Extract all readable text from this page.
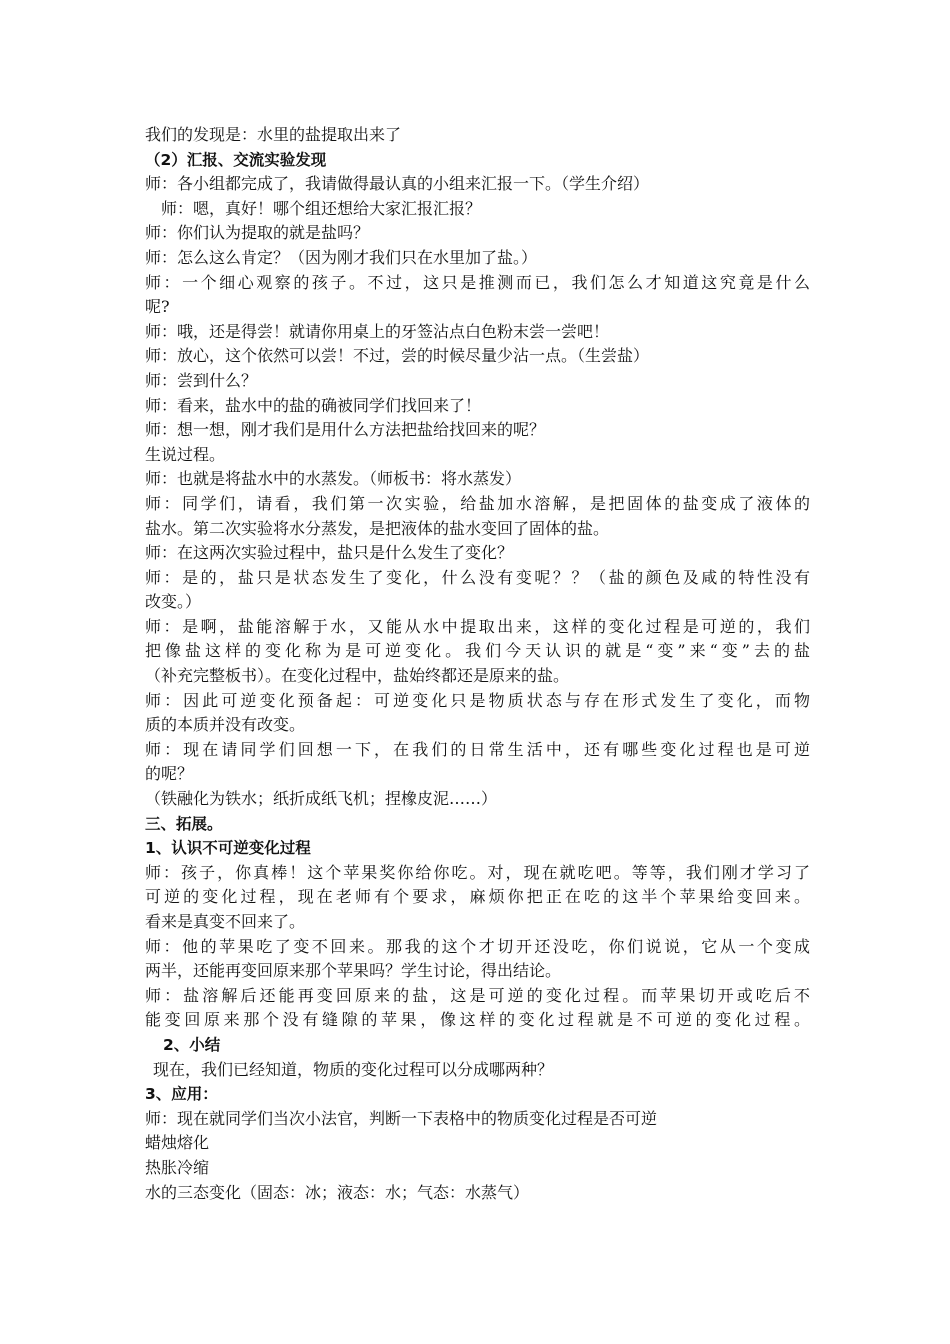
我们的发现是：水里的盐提取出来了
（2）汇报、交流实验发现
师：各小组都完成了，我请做得最认真的小组来汇报一下。（学生介绍）
　师：嗯，真好！哪个组还想给大家汇报汇报？
师：你们认为提取的就是盐吗？
师：怎么这么肯定？（因为刚才我们只在水里加了盐。）
师：一个细心观察的孩子。不过，这只是推测而已，我们怎么才知道这究竟是什么
呢?
师：哦，还是得尝！就请你用桌上的牙签沾点白色粉末尝一尝吧！
师：放心，这个依然可以尝！不过，尝的时候尽量少沾一点。（生尝盐）
师：尝到什么？
师：看来，盐水中的盐的确被同学们找回来了！
师：想一想，刚才我们是用什么方法把盐给找回来的呢？
生说过程。
师：也就是将盐水中的水蒸发。（师板书：将水蒸发）
师：同学们，请看，我们第一次实验，给盐加水溶解，是把固体的盐变成了液体的
盐水。第二次实验将水分蒸发，是把液体的盐水变回了固体的盐。
师：在这两次实验过程中，盐只是什么发生了变化？
师：是的，盐只是状态发生了变化，什么没有变呢？？（盐的颜色及咸的特性没有
改变。）
师：是啊，盐能溶解于水，又能从水中提取出来，这样的变化过程是可逆的，我们
把像盐这样的变化称为是可逆变化。我们今天认识的就是“变”来“变”去的盐
（补充完整板书）。在变化过程中，盐始终都还是原来的盐。
师：因此可逆变化预备起：可逆变化只是物质状态与存在形式发生了变化，而物
质的本质并没有改变。
师：现在请同学们回想一下，在我们的日常生活中，还有哪些变化过程也是可逆
的呢？
（铁融化为铁水；纸折成纸飞机；捏橡皮泥……）
三、拓展。
1、认识不可逆变化过程
师：孩子，你真棒！这个苹果奖你给你吃。对，现在就吃吧。等等，我们刚才学习了
可逆的变化过程，现在老师有个要求，麻烦你把正在吃的这半个苹果给变回来。
看来是真变不回来了。
师：他的苹果吃了变不回来。那我的这个才切开还没吃，你们说说，它从一个变成
两半，还能再变回原来那个苹果吗？学生讨论，得出结论。
师：盐溶解后还能再变回原来的盐，这是可逆的变化过程。而苹果切开或吃后不
能变回原来那个没有缝隙的苹果，像这样的变化过程就是不可逆的变化过程。
2、小结
现在，我们已经知道，物质的变化过程可以分成哪两种？
3、应用：
师：现在就同学们当次小法官，判断一下表格中的物质变化过程是否可逆
蜡烛熔化
热胀冷缩
水的三态变化（固态：冰；液态：水；气态：水蒸气）
